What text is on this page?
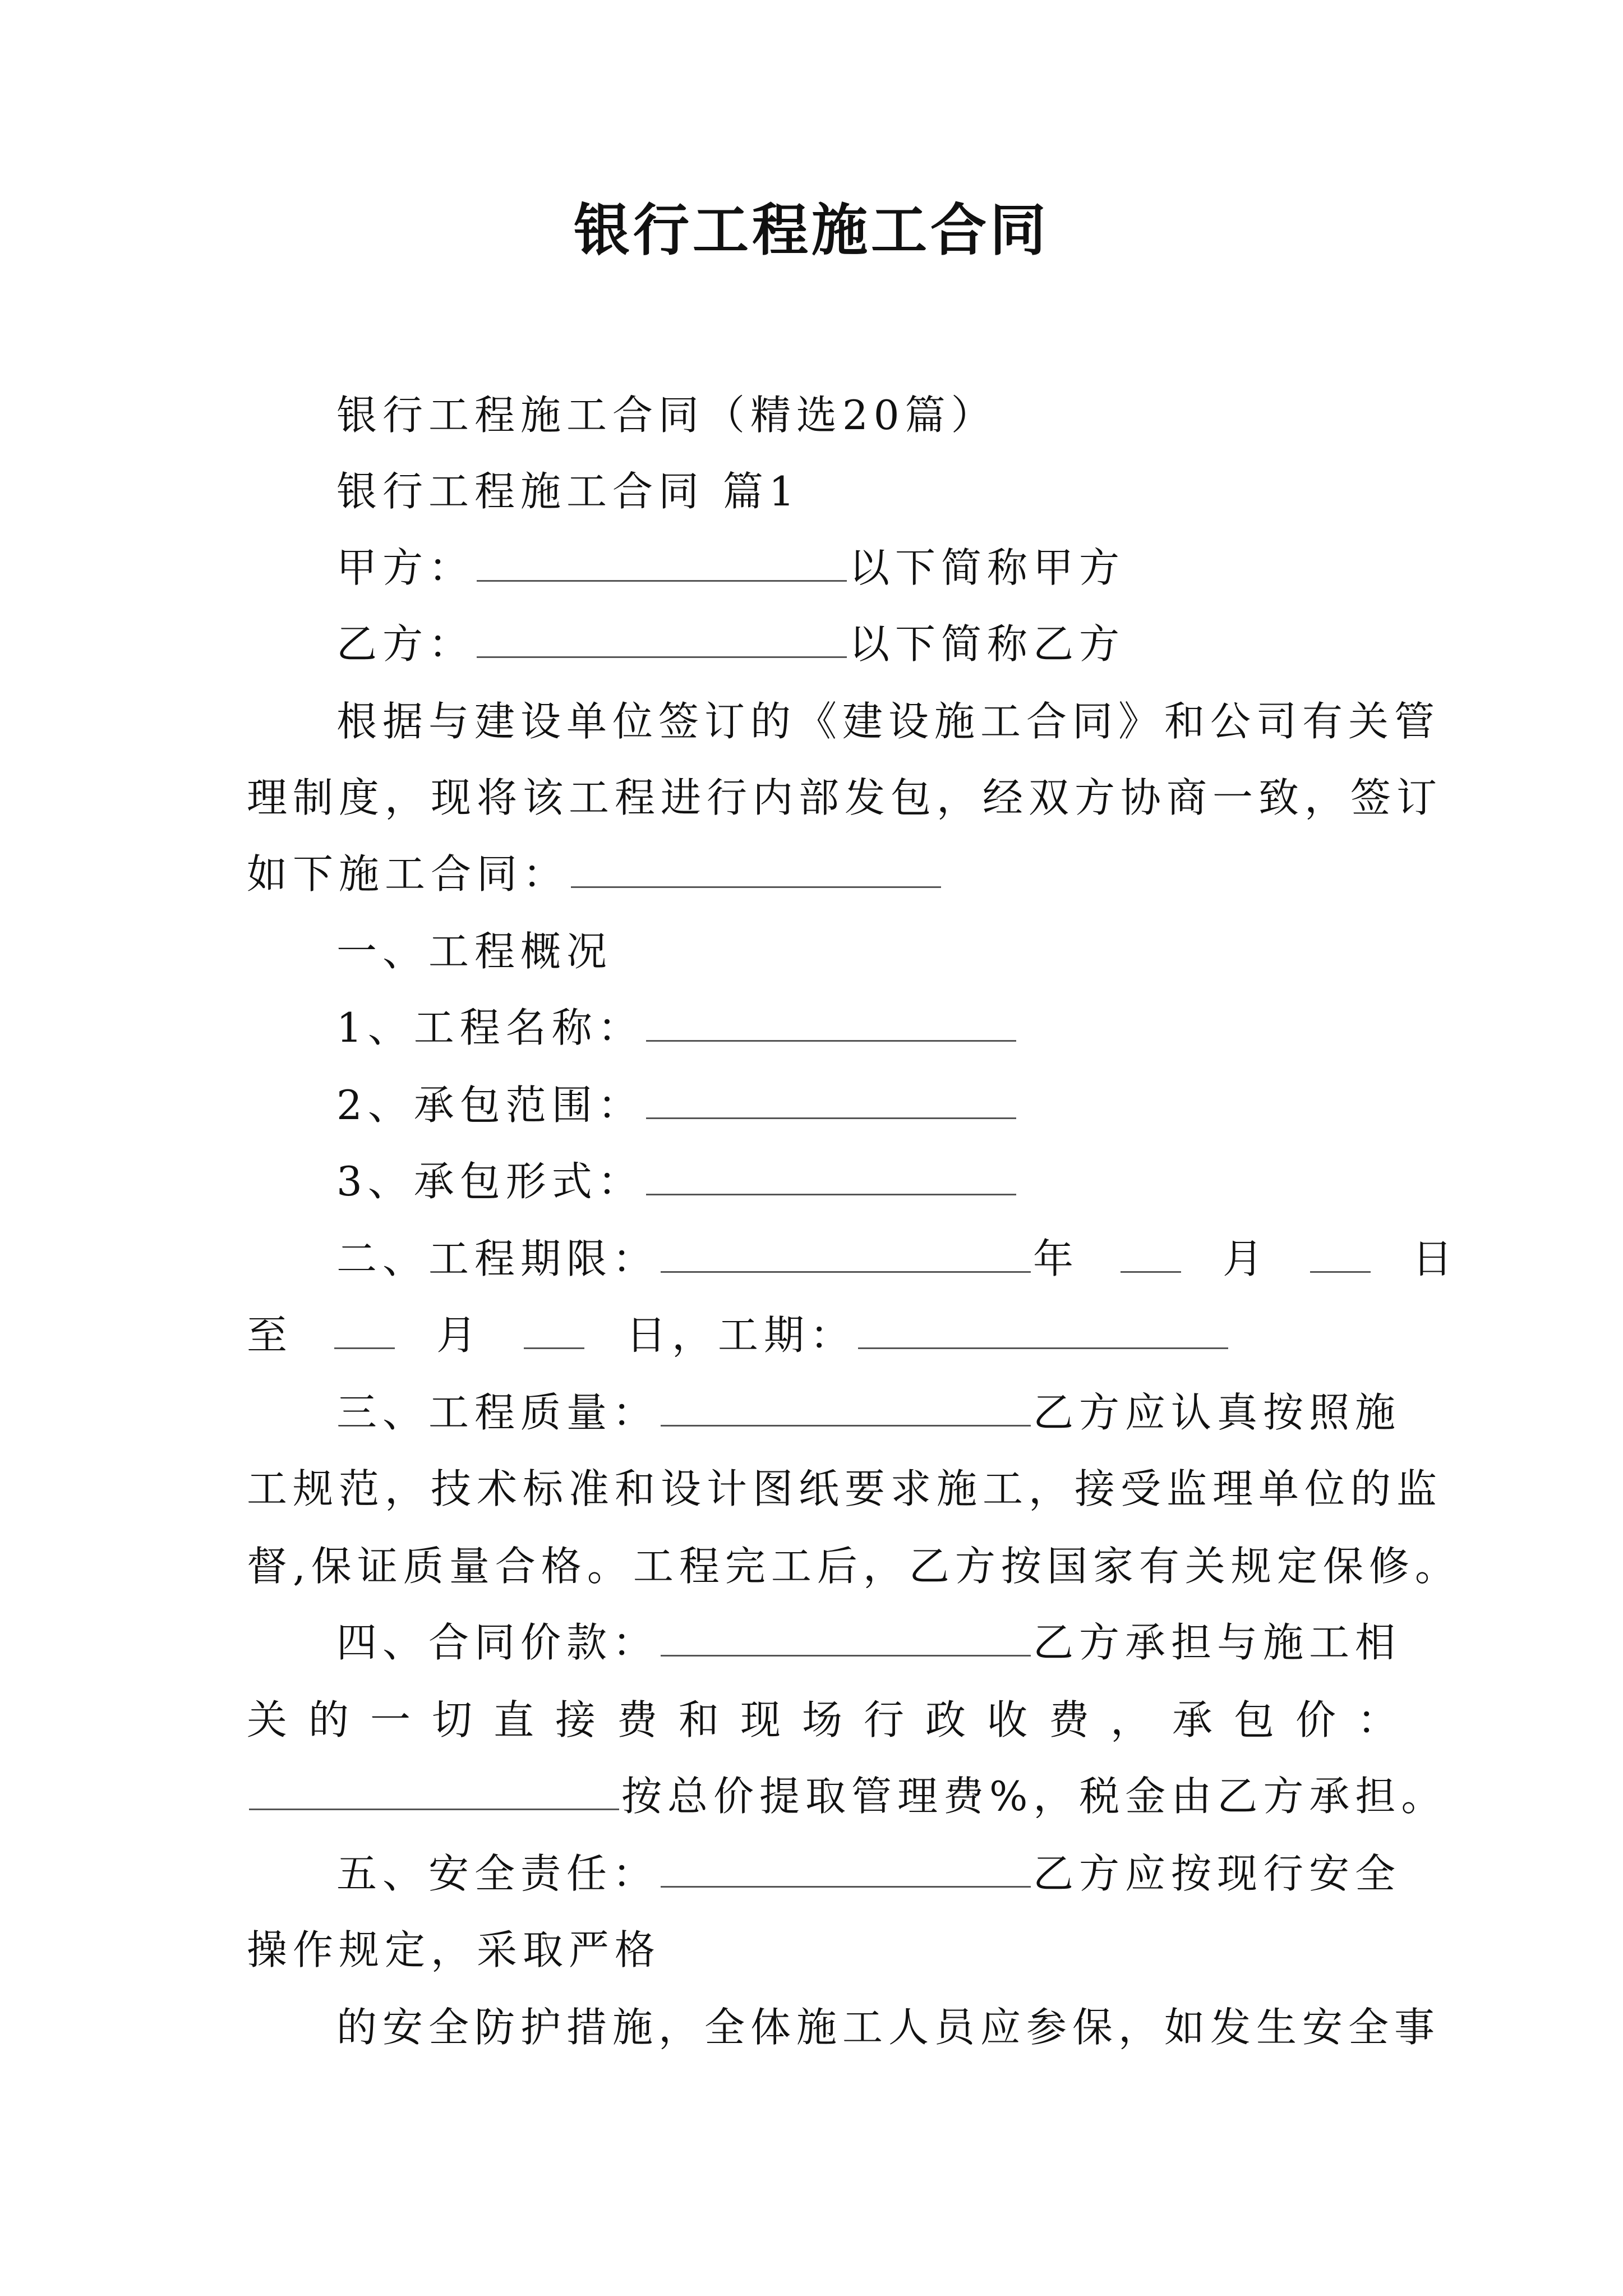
银行工程施工合同
银行工程施工合同（精选20篇）
银行工程施工合同 篇1
甲方：	以下简称甲方
乙方：	以下简称乙方
根据与建设单位签订的《建设施工合同》和公司有关管
理制度，现将该工程进行内部发包，经双方协商一致，签订
如下施工合同：
一、工程概况
1、工程名称：
2、承包范围：
3、承包形式：
二、工程期限：	年	月	日
至	月	日，工期：
三、工程质量：	乙方应认真按照施
工规范，技术标准和设计图纸要求施工，接受监理单位的监
督,保证质量合格。工程完工后，乙方按国家有关规定保修。
四、合同价款：	乙方承担与施工相
关的一切直接费和现场行政收费，承包价：
按总价提取管理费%，税金由乙方承担。
五、安全责任：	乙方应按现行安全
操作规定，采取严格
的安全防护措施，全体施工人员应参保，如发生安全事
